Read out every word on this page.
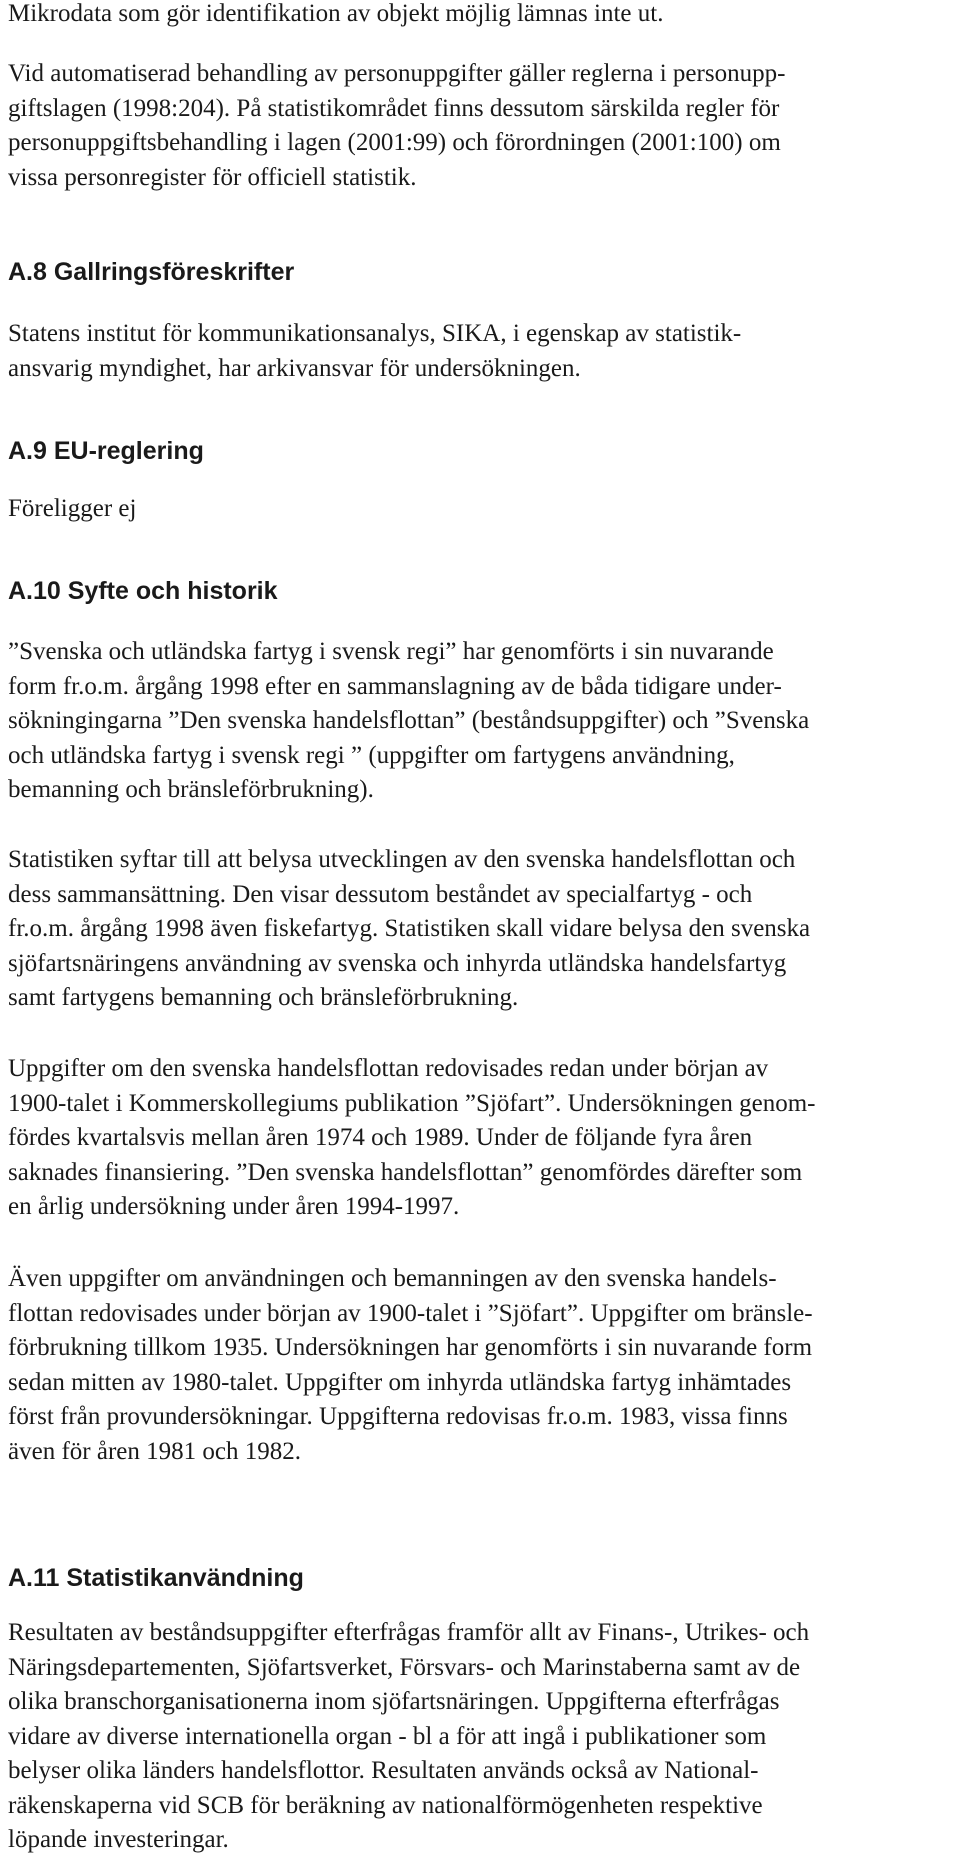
Mikrodata som gör identifikation av objekt möjlig lämnas inte ut.

Vid automatiserad behandling av personuppgifter gäller reglerna i personupp-
giftslagen (1998:204). På statistikområdet finns dessutom särskilda regler för
personuppgiftsbehandling i lagen (2001:99) och förordningen (2001:100) om
vissa personregister för officiell statistik.

A.8 Gallringsföreskrifter

Statens institut för kommunikationsanalys, SIKA, i egenskap av statistik-
ansvarig myndighet, har arkivansvar för undersökningen.

A.9 EU-reglering

Föreligger ej

A.10 Syfte och historik

”Svenska och utländska fartyg i svensk regi” har genomförts i sin nuvarande
form fr.o.m. årgång 1998 efter en sammanslagning av de båda tidigare under-
sökningingarna ”Den svenska handelsflottan” (beståndsuppgifter) och ”Svenska
och utländska fartyg i svensk regi ” (uppgifter om fartygens användning,
bemanning och bränsleförbrukning).

Statistiken syftar till att belysa utvecklingen av den svenska handelsflottan och
dess sammansättning. Den visar dessutom beståndet av specialfartyg - och
fr.o.m. årgång 1998 även fiskefartyg. Statistiken skall vidare belysa den svenska
sjöfartsnäringens användning av svenska och inhyrda utländska handelsfartyg
samt fartygens bemanning och bränsleförbrukning.

Uppgifter om den svenska handelsflottan redovisades redan under början av
1900-talet i Kommerskollegiums publikation ”Sjöfart”. Undersökningen genom-
fördes kvartalsvis mellan åren 1974 och 1989. Under de följande fyra åren
saknades finansiering. ”Den svenska handelsflottan” genomfördes därefter som
en årlig undersökning under åren 1994-1997.

Även uppgifter om användningen och bemanningen av den svenska handels-
flottan redovisades under början av 1900-talet i ”Sjöfart”. Uppgifter om bränsle-
förbrukning tillkom 1935. Undersökningen har genomförts i sin nuvarande form
sedan mitten av 1980-talet. Uppgifter om inhyrda utländska fartyg inhämtades
först från provundersökningar. Uppgifterna redovisas fr.o.m. 1983, vissa finns
även för åren 1981 och 1982.

A.11 Statistikanvändning

Resultaten av beståndsuppgifter efterfrågas framför allt av Finans-, Utrikes- och
Näringsdepartementen, Sjöfartsverket, Försvars- och Marinstaberna samt av de
olika branschorganisationerna inom sjöfartsnäringen. Uppgifterna efterfrågas
vidare av diverse internationella organ - bl a för att ingå i publikationer som
belyser olika länders handelsflottor. Resultaten används också av National-
räkenskaperna vid SCB för beräkning av nationalförmögenheten respektive
löpande investeringar.
